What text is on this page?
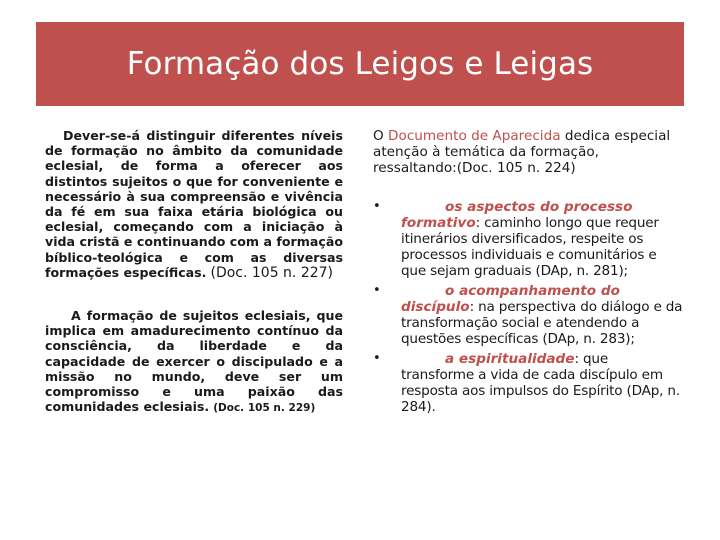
Formação dos Leigos e Leigas

Dever-se-á distinguir diferentes níveis de formação no âmbito da comunidade eclesial, de forma a oferecer aos distintos sujeitos o que for conveniente e necessário à sua compreensão e vivência da fé em sua faixa etária biológica ou eclesial, começando com a iniciação à vida cristã e continuando com a formação bíblico-teológica e com as diversas formações específicas. (Doc. 105 n. 227)

A formação de sujeitos eclesiais, que implica em amadurecimento contínuo da consciência, da liberdade e da capacidade de exercer o discipulado e a missão no mundo, deve ser um compromisso e uma paixão das comunidades eclesiais. (Doc. 105 n. 229)

O Documento de Aparecida dedica especial atenção à temática da formação, ressaltando:(Doc. 105 n. 224)

•	os aspectos do processo formativo: caminho longo que requer itinerários diversificados, respeite os processos individuais e comunitários e que sejam graduais (DAp, n. 281);
•	o acompanhamento do discípulo: na perspectiva do diálogo e da transformação social e atendendo a questões específicas (DAp, n. 283);
•	a espiritualidade: que transforme a vida de cada discípulo em resposta aos impulsos do Espírito (DAp, n. 284).
